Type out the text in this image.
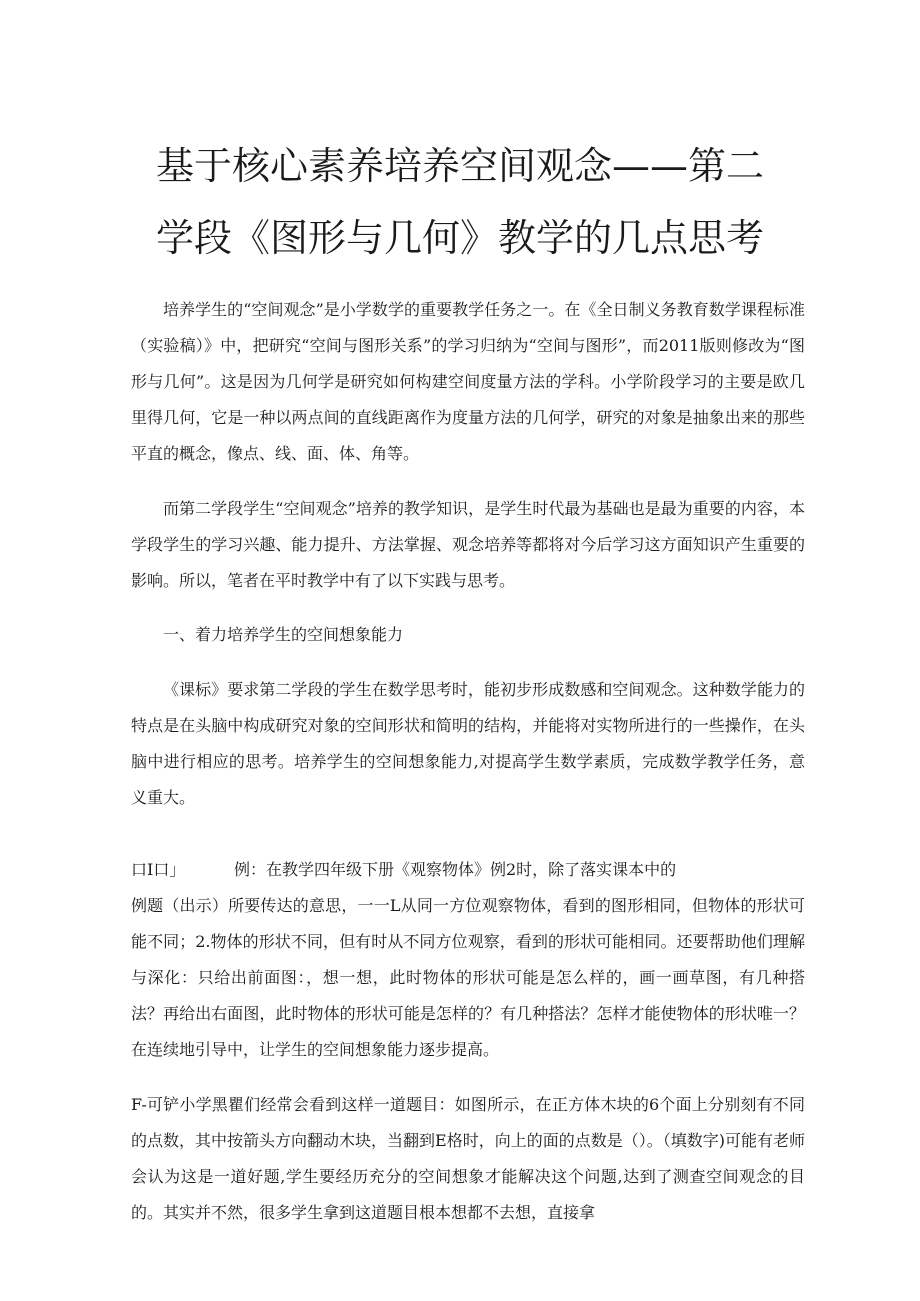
基于核心素养培养空间观念——第二
学段《图形与几何》教学的几点思考

培养学生的“空间观念”是小学数学的重要教学任务之一。在《全日制义务教育数学课程标准（实验稿）》中，把研究“空间与图形关系”的学习归纳为“空间与图形”，而2011版则修改为“图形与几何”。这是因为几何学是研究如何构建空间度量方法的学科。小学阶段学习的主要是欧几里得几何，它是一种以两点间的直线距离作为度量方法的几何学，研究的对象是抽象出来的那些平直的概念，像点、线、面、体、角等。

而第二学段学生“空间观念”培养的教学知识，是学生时代最为基础也是最为重要的内容，本学段学生的学习兴趣、能力提升、方法掌握、观念培养等都将对今后学习这方面知识产生重要的影响。所以，笔者在平时教学中有了以下实践与思考。

一、着力培养学生的空间想象能力

《课标》要求第二学段的学生在数学思考时，能初步形成数感和空间观念。这种数学能力的特点是在头脑中构成研究对象的空间形状和简明的结构，并能将对实物所进行的一些操作，在头脑中进行相应的思考。培养学生的空间想象能力,对提高学生数学素质，完成数学教学任务，意义重大。

口I口」	例：在教学四年级下册《观察物体》例2时，除了落实课本中的

例题（出示）所要传达的意思，一一L从同一方位观察物体，看到的图形相同，但物体的形状可能不同；2.物体的形状不同，但有时从不同方位观察，看到的形状可能相同。还要帮助他们理解与深化：只给出前面图：，想一想，此时物体的形状可能是怎么样的，画一画草图，有几种搭法？再给出右面图，此时物体的形状可能是怎样的？有几种搭法？怎样才能使物体的形状唯一？在连续地引导中，让学生的空间想象能力逐步提高。

F-可铲小学黑瞿们经常会看到这样一道题目：如图所示，在正方体木块的6个面上分别刻有不同的点数，其中按箭头方向翻动木块，当翻到E格时，向上的面的点数是（）。（填数字)可能有老师会认为这是一道好题,学生要经历充分的空间想象才能解决这个问题,达到了测查空间观念的目的。其实并不然，很多学生拿到这道题目根本想都不去想，直接拿
